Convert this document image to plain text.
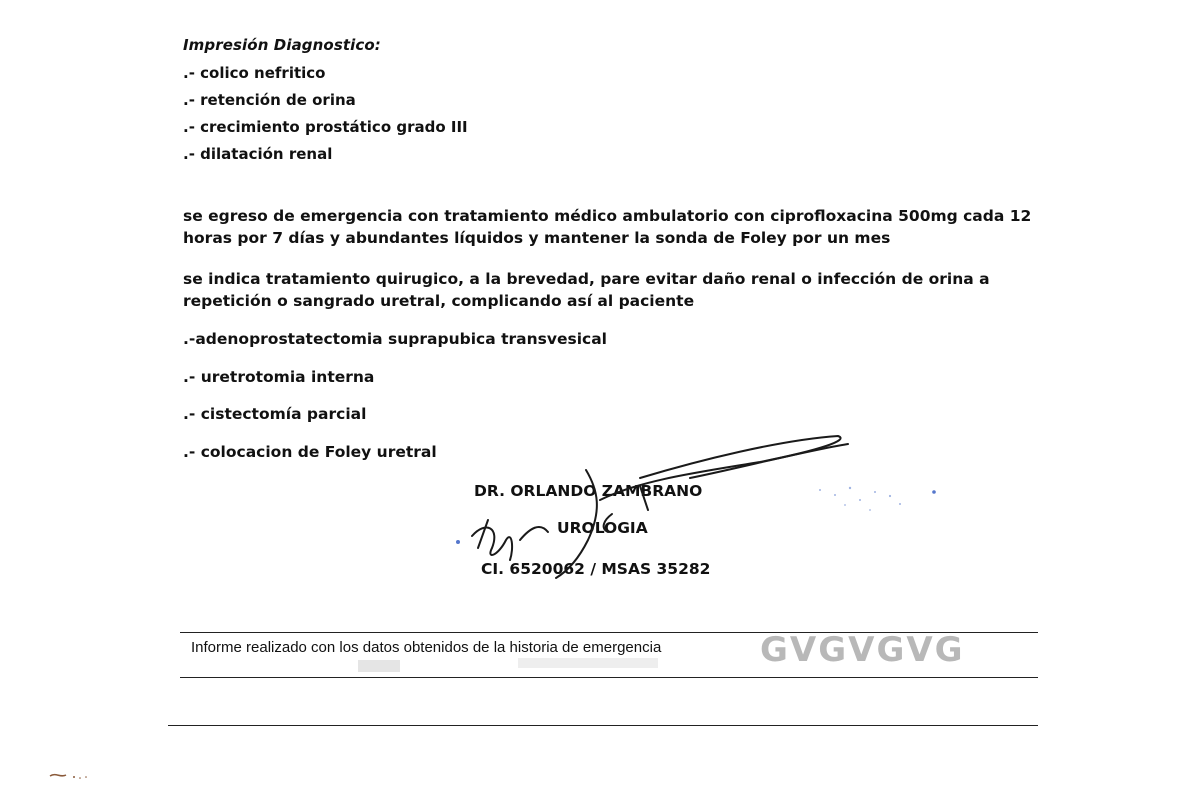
Impresión Diagnostico:
.- colico nefritico
.- retención de orina
.- crecimiento prostático grado III
.- dilatación renal
se egreso de emergencia con tratamiento médico ambulatorio con ciprofloxacina 500mg cada 12 horas por 7 días y abundantes líquidos y mantener la sonda de Foley por un mes
se indica tratamiento quirugico, a la brevedad, pare evitar daño renal o infección de orina a repetición o sangrado uretral, complicando así al paciente
.-adenoprostatectomia suprapubica transvesical
.- uretrotomia interna
.- cistectomía parcial
.- colocacion de Foley uretral
DR. ORLANDO ZAMBRANO
UROLOGIA
CI. 6520062 / MSAS 35282
Informe realizado con los datos obtenidos de la historia de emergencia	GVGVGVG
